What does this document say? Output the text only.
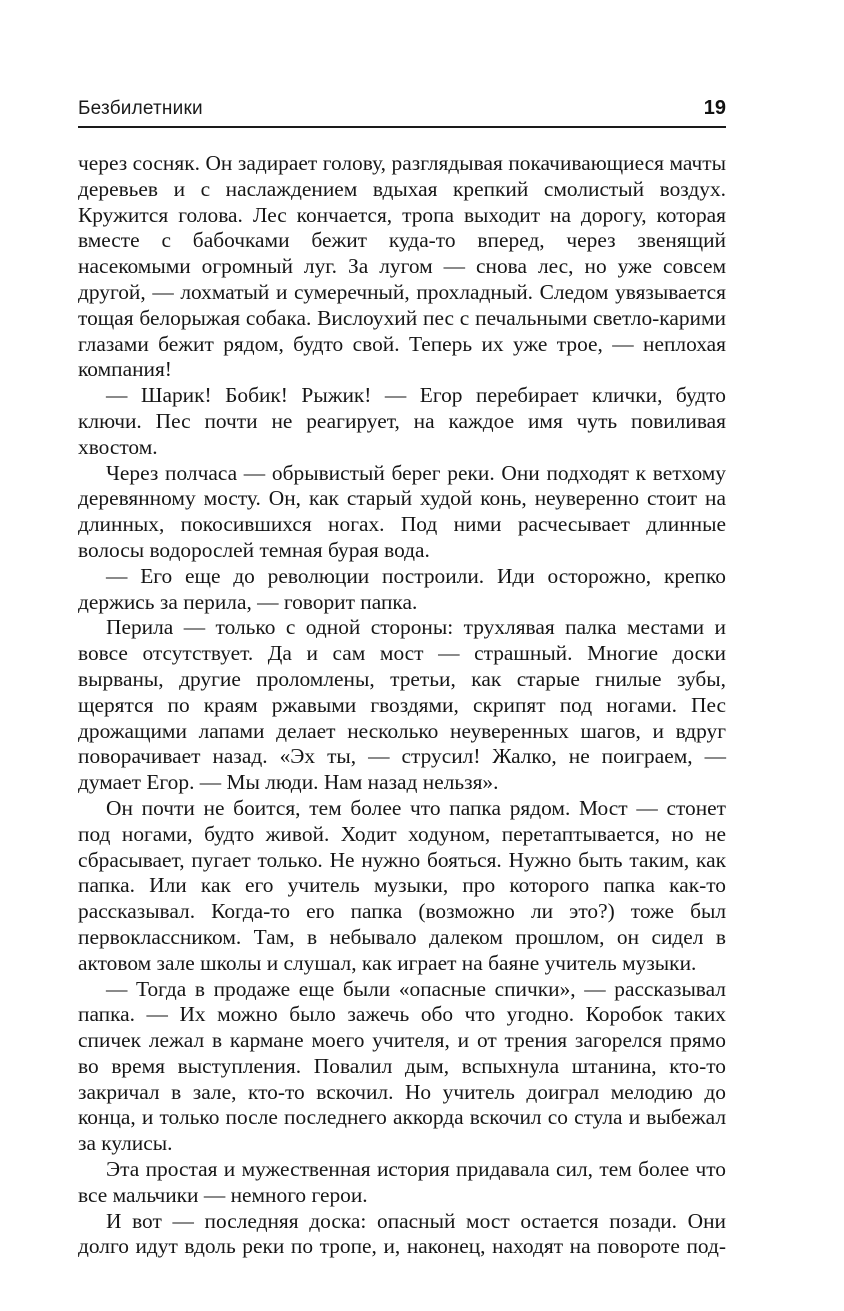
Безбилетники	19

через сосняк. Он задирает голову, разглядывая покачивающиеся мачты деревьев и с наслаждением вдыхая крепкий смолистый воздух. Кружится голова. Лес кончается, тропа выходит на дорогу, которая вместе с бабочками бежит куда-то вперед, через звенящий насекомыми огромный луг. За лугом — снова лес, но уже совсем другой, — лохматый и сумеречный, прохладный. Следом увязывается тощая белорыжая собака. Вислоухий пес с печальными светло-карими глазами бежит рядом, будто свой. Теперь их уже трое, — неплохая компания!

— Шарик! Бобик! Рыжик! — Егор перебирает клички, будто ключи. Пес почти не реагирует, на каждое имя чуть повиливая хвостом.

Через полчаса — обрывистый берег реки. Они подходят к ветхому деревянному мосту. Он, как старый худой конь, неуверенно стоит на длинных, покосившихся ногах. Под ними расчесывает длинные волосы водорослей темная бурая вода.

— Его еще до революции построили. Иди осторожно, крепко держись за перила, — говорит папка.

Перила — только с одной стороны: трухлявая палка местами и вовсе отсутствует. Да и сам мост — страшный. Многие доски вырваны, другие проломлены, третьи, как старые гнилые зубы, щерятся по краям ржавыми гвоздями, скрипят под ногами. Пес дрожащими лапами делает несколько неуверенных шагов, и вдруг поворачивает назад. «Эх ты, — струсил! Жалко, не поиграем, — думает Егор. — Мы люди. Нам назад нельзя».

Он почти не боится, тем более что папка рядом. Мост — стонет под ногами, будто живой. Ходит ходуном, перетаптывается, но не сбрасывает, пугает только. Не нужно бояться. Нужно быть таким, как папка. Или как его учитель музыки, про которого папка как-то рассказывал. Когда-то его папка (возможно ли это?) тоже был первоклассником. Там, в небывало далеком прошлом, он сидел в актовом зале школы и слушал, как играет на баяне учитель музыки.

— Тогда в продаже еще были «опасные спички», — рассказывал папка. — Их можно было зажечь обо что угодно. Коробок таких спичек лежал в кармане моего учителя, и от трения загорелся прямо во время выступления. Повалил дым, вспыхнула штанина, кто-то закричал в зале, кто-то вскочил. Но учитель доиграл мелодию до конца, и только после последнего аккорда вскочил со стула и выбежал за кулисы.

Эта простая и мужественная история придавала сил, тем более что все мальчики — немного герои.

И вот — последняя доска: опасный мост остается позади. Они долго идут вдоль реки по тропе, и, наконец, находят на повороте под-
